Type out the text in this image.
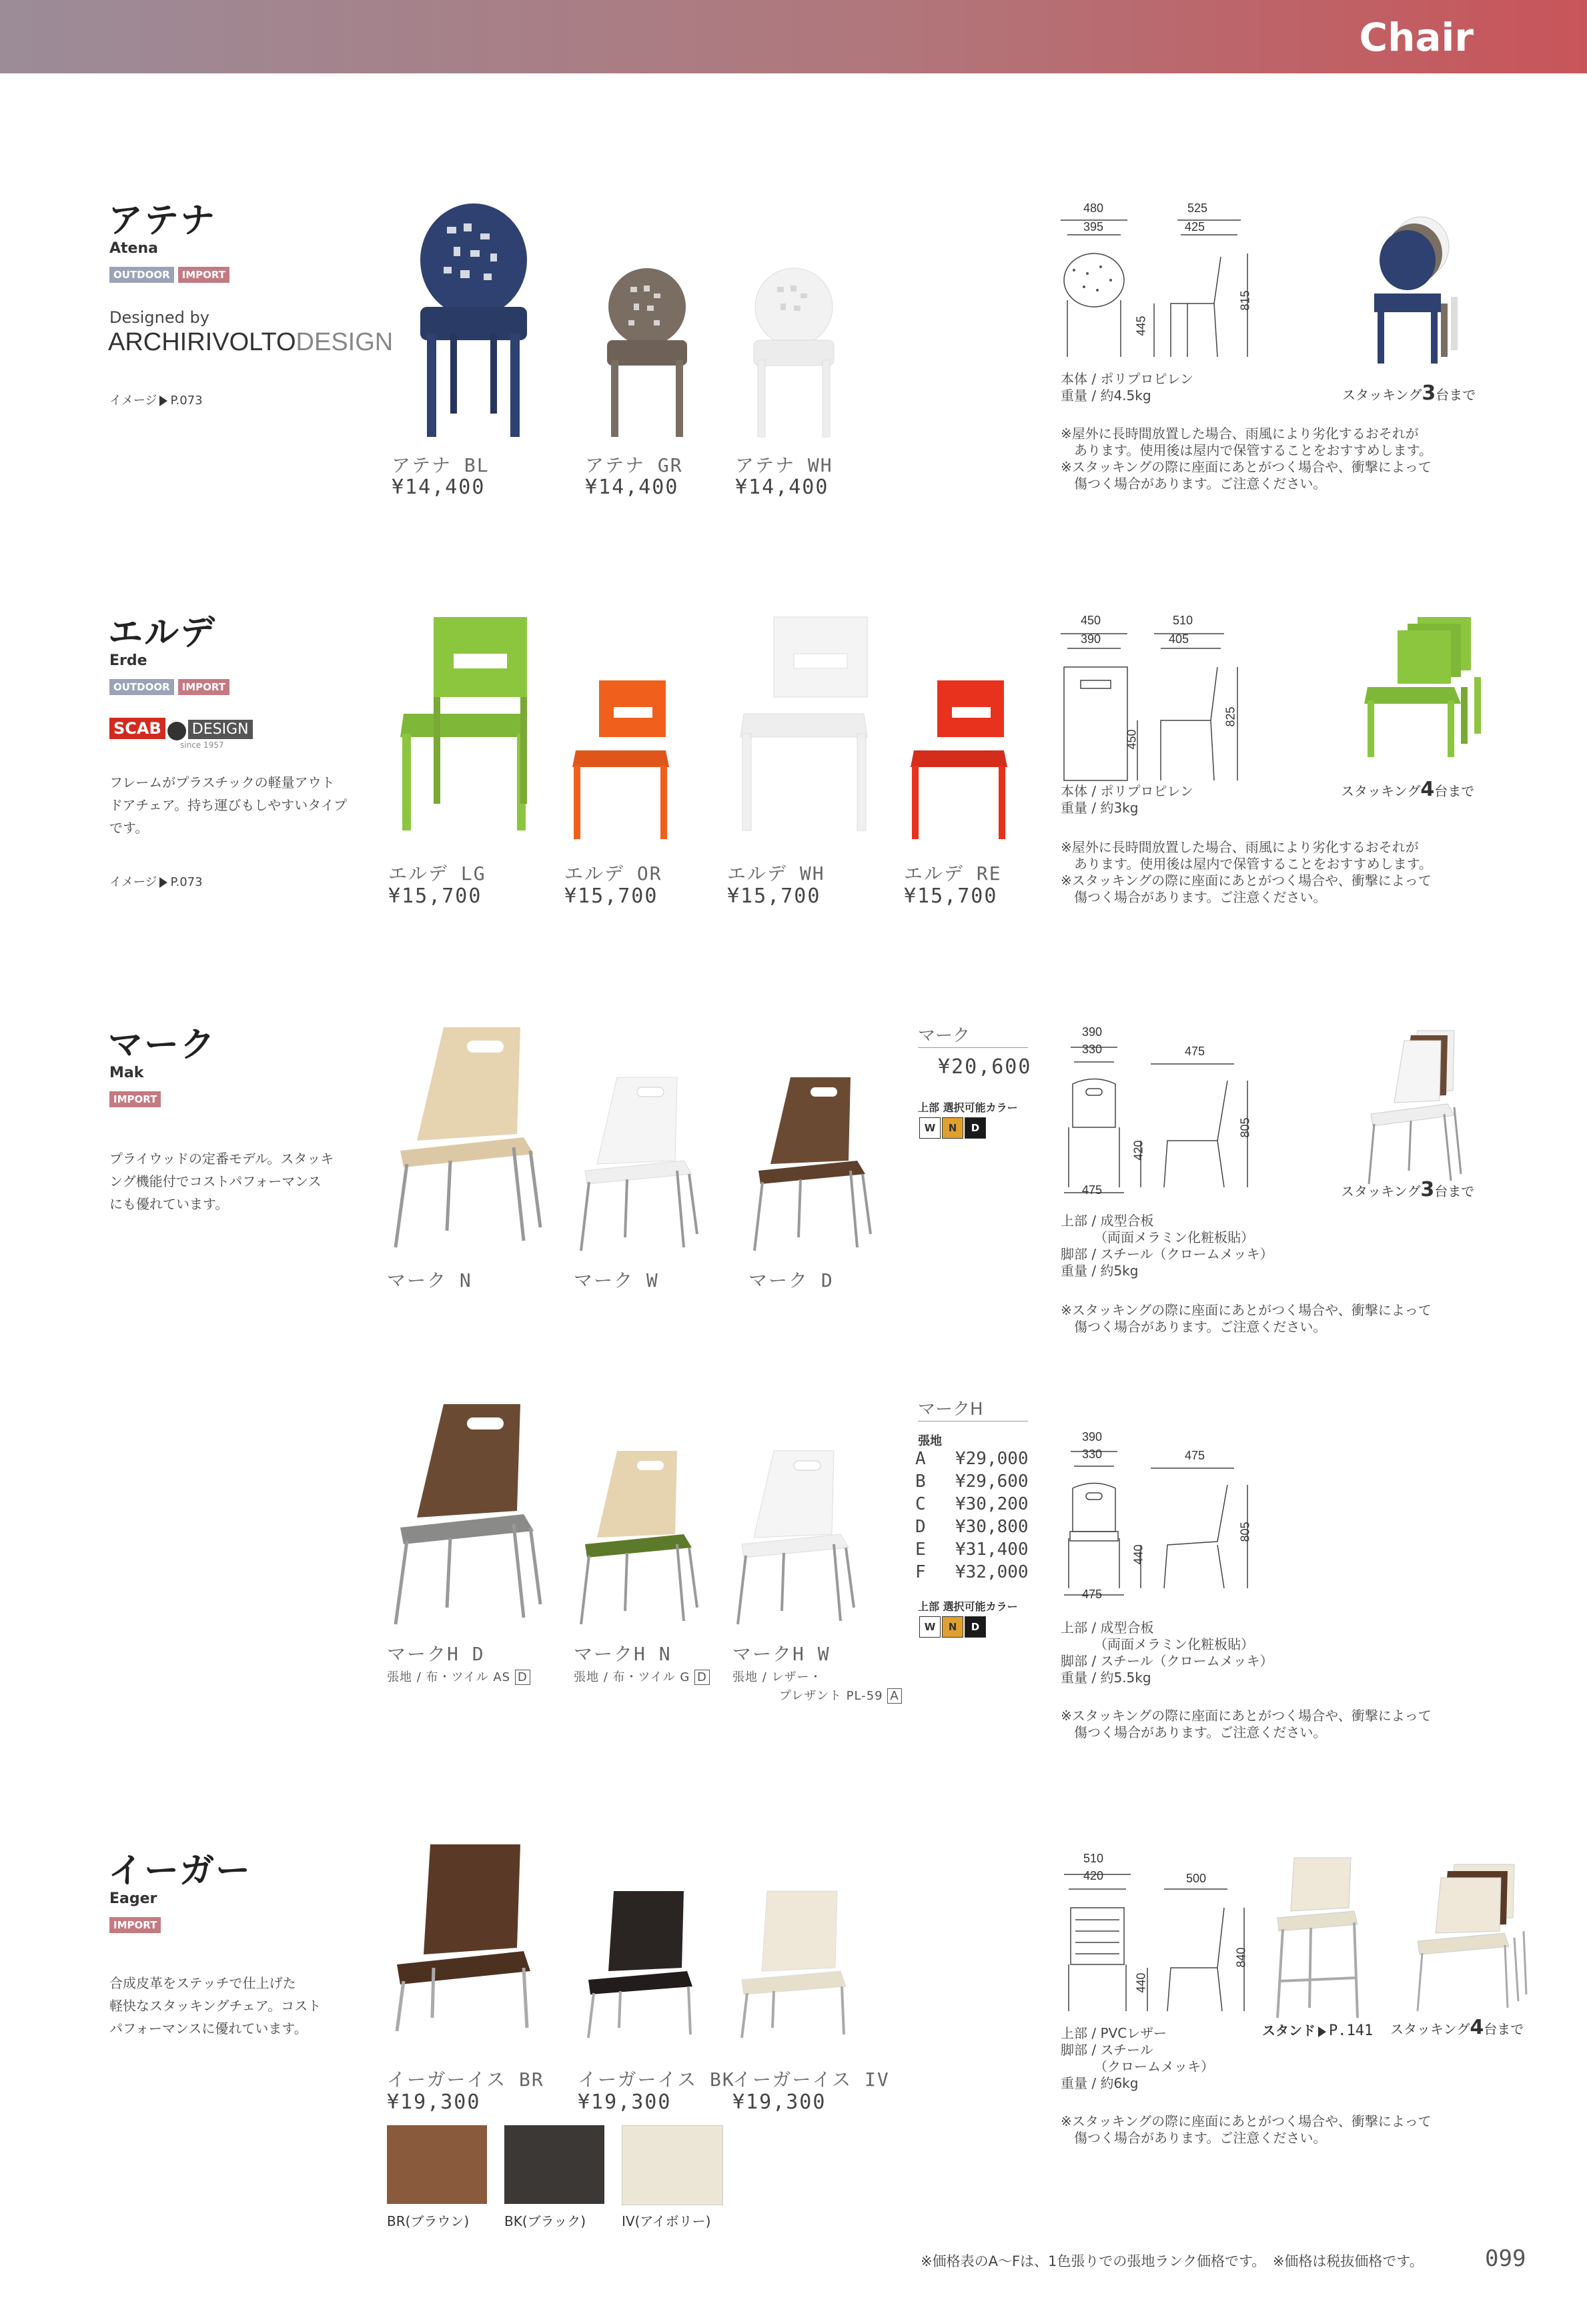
Chair
アテナ
Atena
OUTDOOR IMPORT
Designed by
ARCHIRIVOLTODESIGN
イメージ P.073
アテナ BL
¥14,400
アテナ GR
¥14,400
アテナ WH
¥14,400
480
395
525
425
445
815
本体 / ポリプロピレン
重量 / 約4.5kg	スタッキング3台まで
※屋外に長時間放置した場合、雨風により劣化するおそれが
　あります。使用後は屋内で保管することをおすすめします。
※スタッキングの際に座面にあとがつく場合や、衝撃によって
　傷つく場合があります。ご注意ください。
エルデ
Erde
OUTDOOR IMPORT
SCAB DESIGN
since 1957
フレームがプラスチックの軽量アウト
ドアチェア。持ち運びもしやすいタイプ
です。
イメージ P.073	エルデ LG
¥15,700
エルデ OR
¥15,700
エルデ WH
¥15,700
エルデ RE
¥15,700
450
390
510
405
450
825
本体 / ポリプロピレン
重量 / 約3kg
スタッキング4台まで
※屋外に長時間放置した場合、雨風により劣化するおそれが
　あります。使用後は屋内で保管することをおすすめします。
※スタッキングの際に座面にあとがつく場合や、衝撃によって
　傷つく場合があります。ご注意ください。
マーク
Mak
IMPORT
プライウッドの定番モデル。スタッキ
ング機能付でコストパフォーマンス
にも優れています。
マーク N	マーク W	マーク D
マーク
¥20,600
上部 選択可能カラー
W N D
390
330	475
420
805
475
上部 / 成型合板
　　　（両面メラミン化粧板貼）
脚部 / スチール（クロームメッキ）
重量 / 約5kg
スタッキング3台まで
※スタッキングの際に座面にあとがつく場合や、衝撃によって
　傷つく場合があります。ご注意ください。
マークH D
張地 / 布・ツイル AS D
マークH N
張地 / 布・ツイル G D
マークH W
張地 / レザー・
プレザント PL-59 A
マークH
張地
A	¥29,000
B	¥29,600
C	¥30,200
D	¥30,800
E	¥31,400
F	¥32,000
上部 選択可能カラー
W N D
390
330	475
440
805
475
上部 / 成型合板
　　　（両面メラミン化粧板貼）
脚部 / スチール（クロームメッキ）
重量 / 約5.5kg
※スタッキングの際に座面にあとがつく場合や、衝撃によって
　傷つく場合があります。ご注意ください。
イーガー
Eager
IMPORT
合成皮革をステッチで仕上げた
軽快なスタッキングチェア。コスト
パフォーマンスに優れています。
イーガーイス BR
¥19,300
イーガーイス BK
¥19,300
イーガーイス IV
¥19,300
BR(ブラウン)	BK(ブラック)	IV(アイボリー)
510
420	500
440
840
上部 / PVCレザー
脚部 / スチール
　　　（クロームメッキ）
重量 / 約6kg
スタンド P.141 スタッキング4台まで
※スタッキングの際に座面にあとがつく場合や、衝撃によって
　傷つく場合があります。ご注意ください。
※価格表のA～Fは、1色張りでの張地ランク価格です。　 ※価格は税抜価格です。	099
